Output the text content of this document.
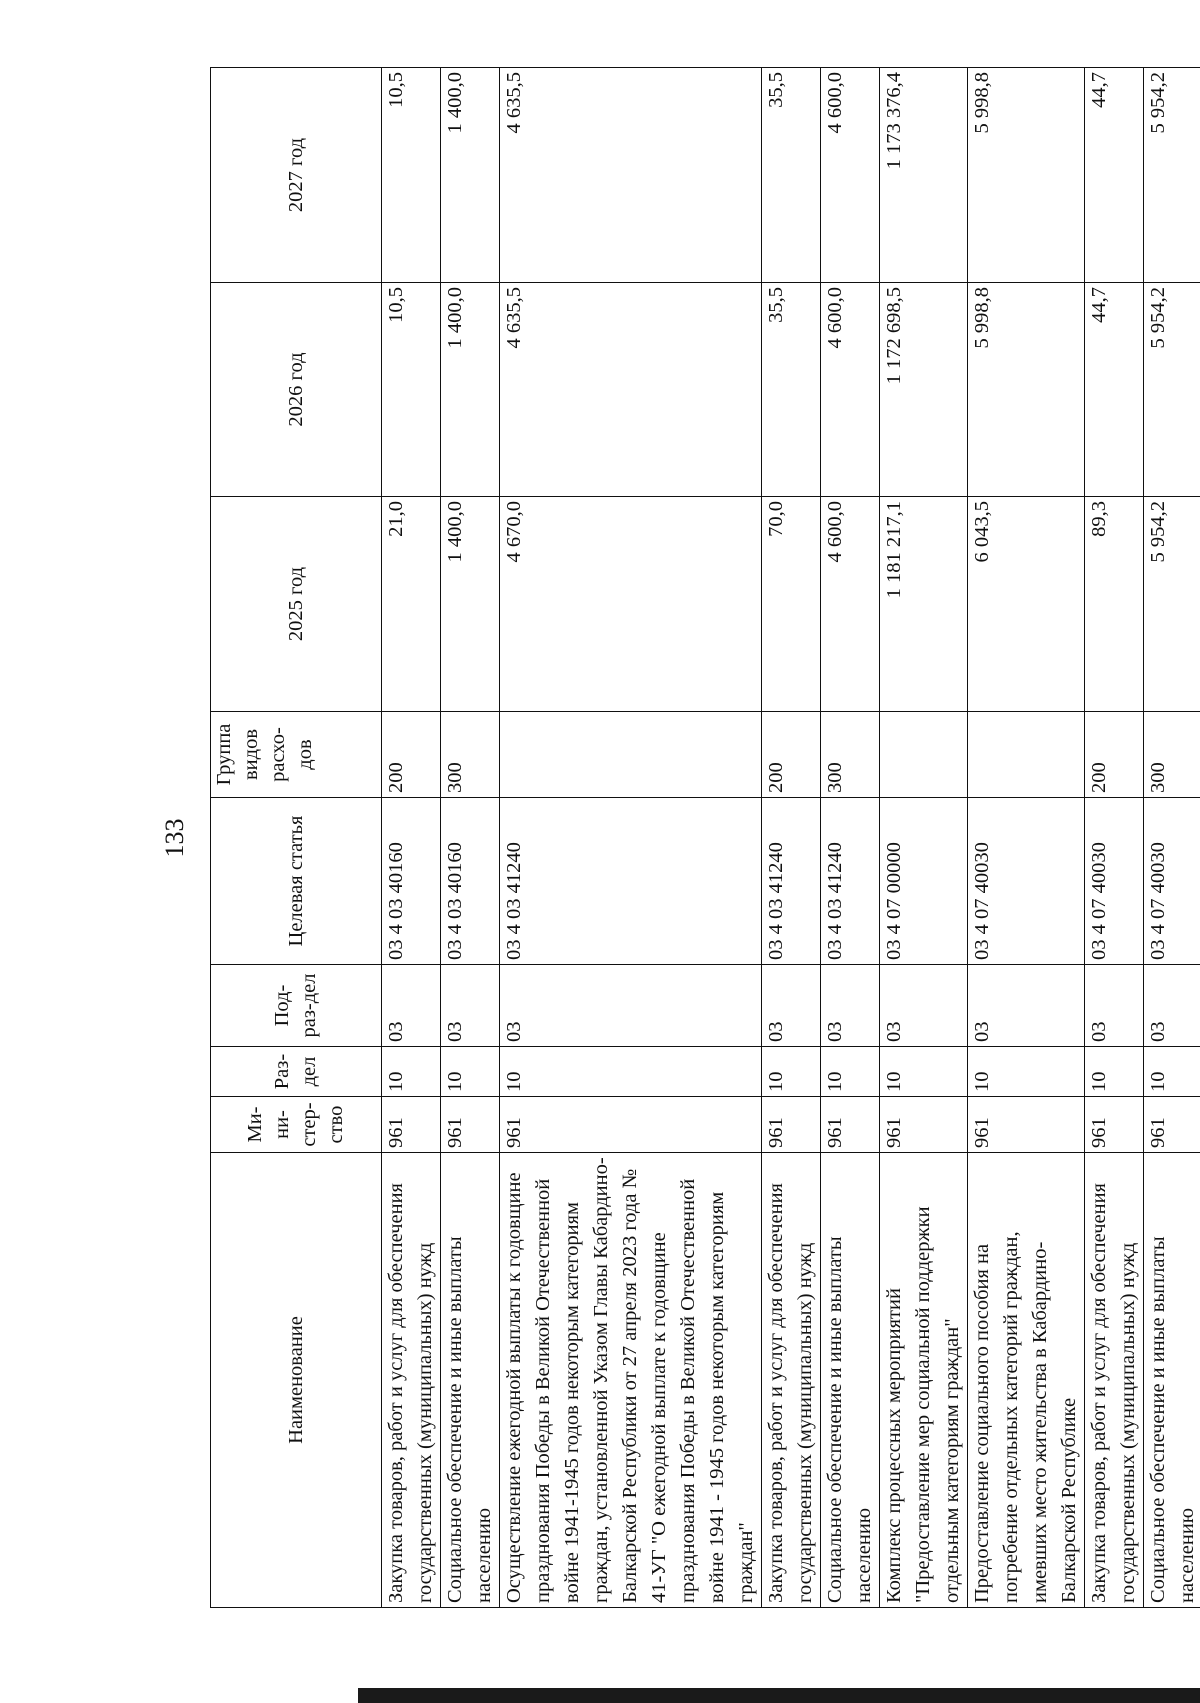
133
Наименование	Ми-ни-стер-ство	Раз-дел	Под-раз-дел	Целевая статья	Группа видов расхо-дов	2025 год	2026 год	2027 год
Закупка товаров, работ и услуг для обеспечения государственных (муниципальных) нужд	961	10	03	03 4 03 40160	200	21,0	10,5	10,5
Социальное обеспечение и иные выплаты населению	961	10	03	03 4 03 40160	300	1 400,0	1 400,0	1 400,0
Осуществление ежегодной выплаты к годовщине празднования Победы в Великой Отечественной войне 1941-1945 годов некоторым категориям граждан, установленной Указом Главы Кабардино-Балкарской Республики от 27 апреля 2023 года № 41-УГ "О ежегодной выплате к годовщине празднования Победы в Великой Отечественной войне 1941 - 1945 годов некоторым категориям граждан"	961	10	03	03 4 03 41240		4 670,0	4 635,5	4 635,5
Закупка товаров, работ и услуг для обеспечения государственных (муниципальных) нужд	961	10	03	03 4 03 41240	200	70,0	35,5	35,5
Социальное обеспечение и иные выплаты населению	961	10	03	03 4 03 41240	300	4 600,0	4 600,0	4 600,0
Комплекс процессных мероприятий "Предоставление мер социальной поддержки отдельным категориям граждан"	961	10	03	03 4 07 00000		1 181 217,1	1 172 698,5	1 173 376,4
Предоставление социального пособия на погребение отдельных категорий граждан, имевших место жительства в Кабардино-Балкарской Республике	961	10	03	03 4 07 40030		6 043,5	5 998,8	5 998,8
Закупка товаров, работ и услуг для обеспечения государственных (муниципальных) нужд	961	10	03	03 4 07 40030	200	89,3	44,7	44,7
Социальное обеспечение и иные выплаты населению	961	10	03	03 4 07 40030	300	5 954,2	5 954,2	5 954,2
